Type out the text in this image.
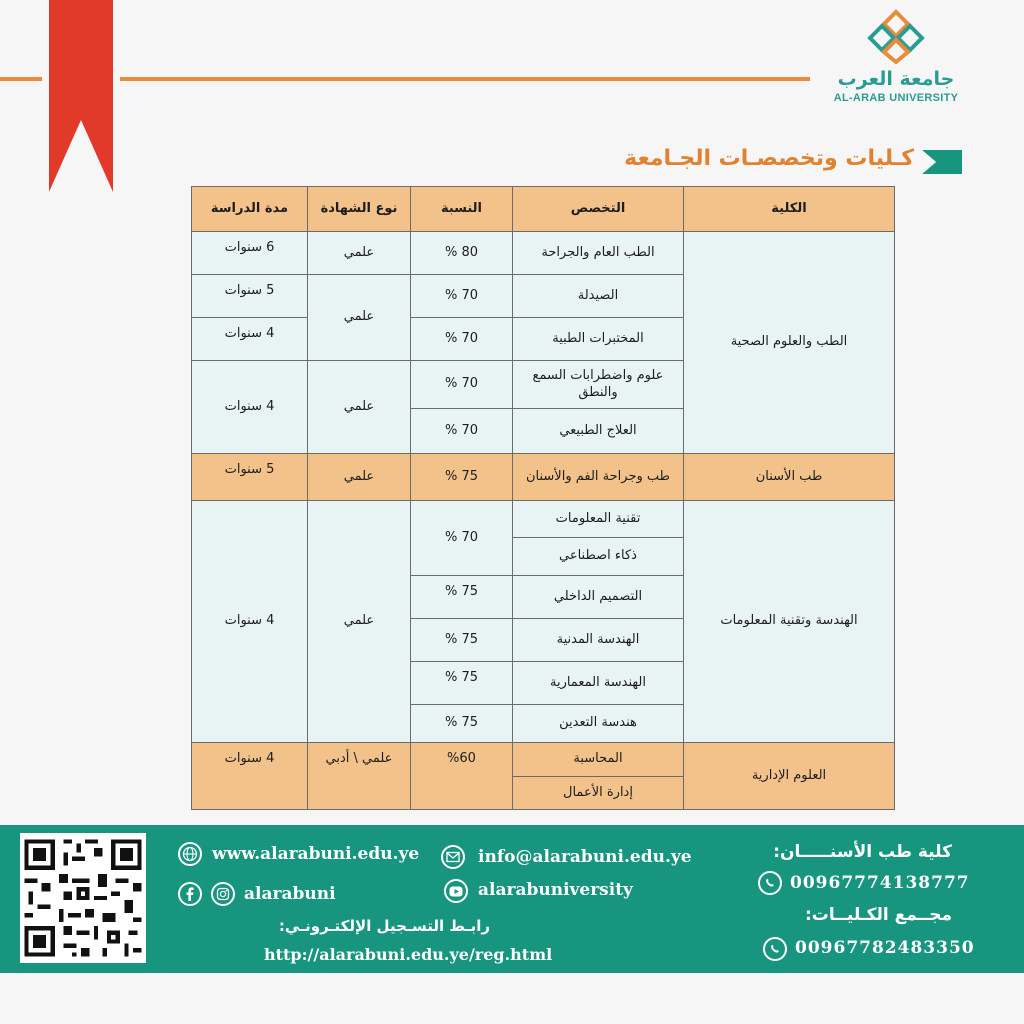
جامعة العرب
AL-ARAB UNIVERSITY
كـليات وتخصصـات الجـامعة
الكلية	التخصص	النسبة	نوع الشهادة	مدة الدراسة
الطب والعلوم الصحية	الطب العام والجراحة	80 %	علمي	6 سنوات
	الصيدلة	70 %	علمي	5 سنوات
	المختبرات الطبية	70 %		4 سنوات
	علوم واضطرابات السمع والنطق	70 %	علمي	4 سنوات
	العلاج الطبيعي	70 %		
طب الأسنان	طب وجراحة الفم والأسنان	75 %	علمي	5 سنوات
الهندسة وتقنية المعلومات	تقنية المعلومات	70 %	علمي	4 سنوات
	ذكاء اصطناعي			
	التصميم الداخلي	75 %		
	الهندسة المدنية	75 %		
	الهندسة المعمارية	75 %		
	هندسة التعدين	75 %		

العلوم الإدارية	المحاسبة	%60	علمي \ أدبي	4 سنوات
	إدارة الأعمال			
www.alarabuni.edu.ye	info@alarabuni.edu.ye
alarabuni	alarabuniversity
رابـط التسـجيل الإلكتـرونـي:
http://alarabuni.edu.ye/reg.html
كلية طب الأسنـــــان:
00967774138777
مجــمع الكـليــات:
00967782483350
